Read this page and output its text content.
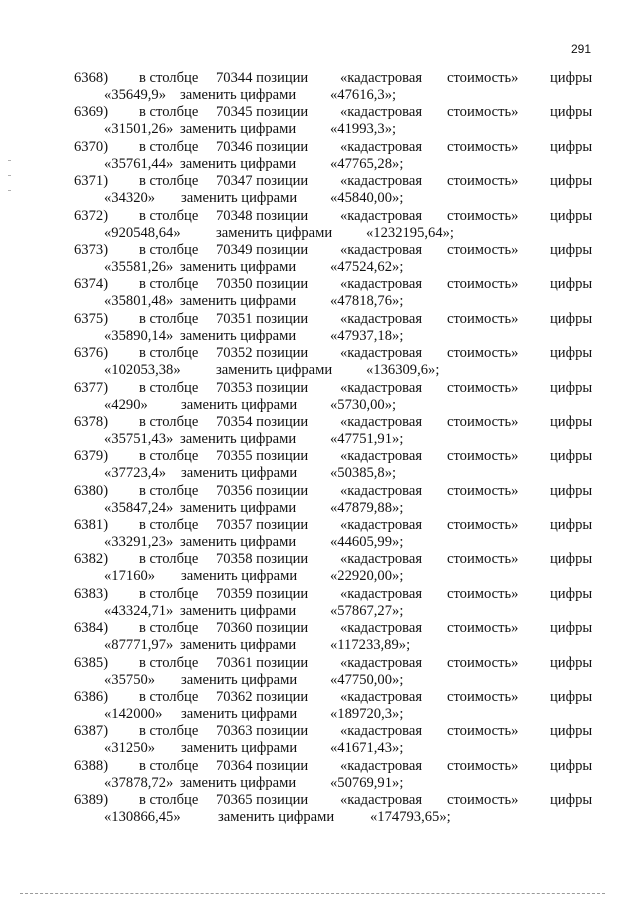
291
6368) в столбце 70344 позиции «кадастровая стоимость» цифры
«35649,9» заменить цифрами «47616,3»;
6369) в столбце 70345 позиции «кадастровая стоимость» цифры
«31501,26» заменить цифрами «41993,3»;
6370) в столбце 70346 позиции «кадастровая стоимость» цифры
«35761,44» заменить цифрами «47765,28»;
6371) в столбце 70347 позиции «кадастровая стоимость» цифры
«34320» заменить цифрами «45840,00»;
6372) в столбце 70348 позиции «кадастровая стоимость» цифры
«920548,64» заменить цифрами «1232195,64»;
6373) в столбце 70349 позиции «кадастровая стоимость» цифры
«35581,26» заменить цифрами «47524,62»;
6374) в столбце 70350 позиции «кадастровая стоимость» цифры
«35801,48» заменить цифрами «47818,76»;
6375) в столбце 70351 позиции «кадастровая стоимость» цифры
«35890,14» заменить цифрами «47937,18»;
6376) в столбце 70352 позиции «кадастровая стоимость» цифры
«102053,38» заменить цифрами «136309,6»;
6377) в столбце 70353 позиции «кадастровая стоимость» цифры
«4290» заменить цифрами «5730,00»;
6378) в столбце 70354 позиции «кадастровая стоимость» цифры
«35751,43» заменить цифрами «47751,91»;
6379) в столбце 70355 позиции «кадастровая стоимость» цифры
«37723,4» заменить цифрами «50385,8»;
6380) в столбце 70356 позиции «кадастровая стоимость» цифры
«35847,24» заменить цифрами «47879,88»;
6381) в столбце 70357 позиции «кадастровая стоимость» цифры
«33291,23» заменить цифрами «44605,99»;
6382) в столбце 70358 позиции «кадастровая стоимость» цифры
«17160» заменить цифрами «22920,00»;
6383) в столбце 70359 позиции «кадастровая стоимость» цифры
«43324,71» заменить цифрами «57867,27»;
6384) в столбце 70360 позиции «кадастровая стоимость» цифры
«87771,97» заменить цифрами «117233,89»;
6385) в столбце 70361 позиции «кадастровая стоимость» цифры
«35750» заменить цифрами «47750,00»;
6386) в столбце 70362 позиции «кадастровая стоимость» цифры
«142000» заменить цифрами «189720,3»;
6387) в столбце 70363 позиции «кадастровая стоимость» цифры
«31250» заменить цифрами «41671,43»;
6388) в столбце 70364 позиции «кадастровая стоимость» цифры
«37878,72» заменить цифрами «50769,91»;
6389) в столбце 70365 позиции «кадастровая стоимость» цифры
«130866,45»	заменить цифрами «174793,65»;
